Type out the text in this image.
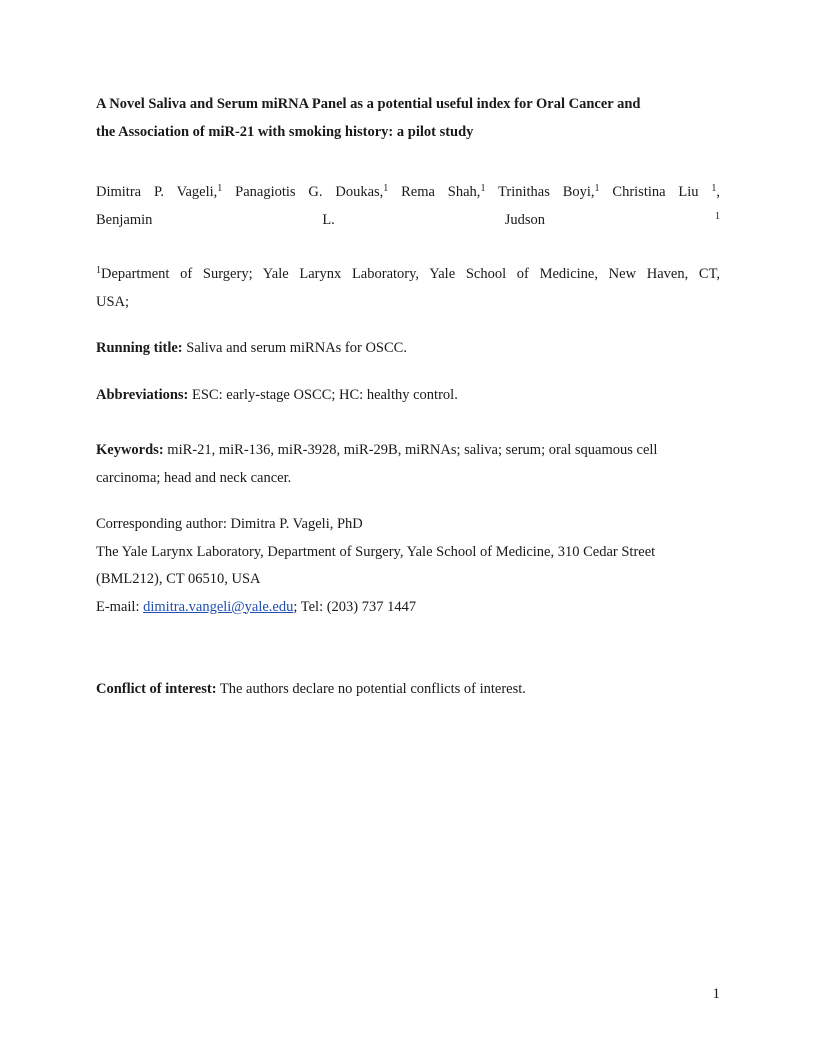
A Novel Saliva and Serum miRNA Panel as a potential useful index for Oral Cancer and
the Association of miR-21 with smoking history: a pilot study
Dimitra P. Vageli,$^1$ Panagiotis G. Doukas,$^1$ Rema Shah,$^1$ Trinithas Boyi,$^1$ Christina Liu $^1$,
Benjamin L. Judson	$^1$
$^1$Department of Surgery; Yale Larynx Laboratory, Yale School of Medicine, New Haven, CT,
USA;
Running title: Saliva and serum miRNAs for OSCC.
Abbreviations: ESC: early-stage OSCC; HC: healthy control.
Keywords: miR-21, miR-136, miR-3928, miR-29B, miRNAs; saliva; serum; oral squamous cell
carcinoma; head and neck cancer.
Corresponding author: Dimitra P. Vageli, PhD
The Yale Larynx Laboratory, Department of Surgery, Yale School of Medicine, 310 Cedar Street
(BML212), CT 06510, USA
E-mail: dimitra.vangeli@yale.edu; Tel: (203) 737 1447
Conflict of interest: The authors declare no potential conflicts of interest.
1
